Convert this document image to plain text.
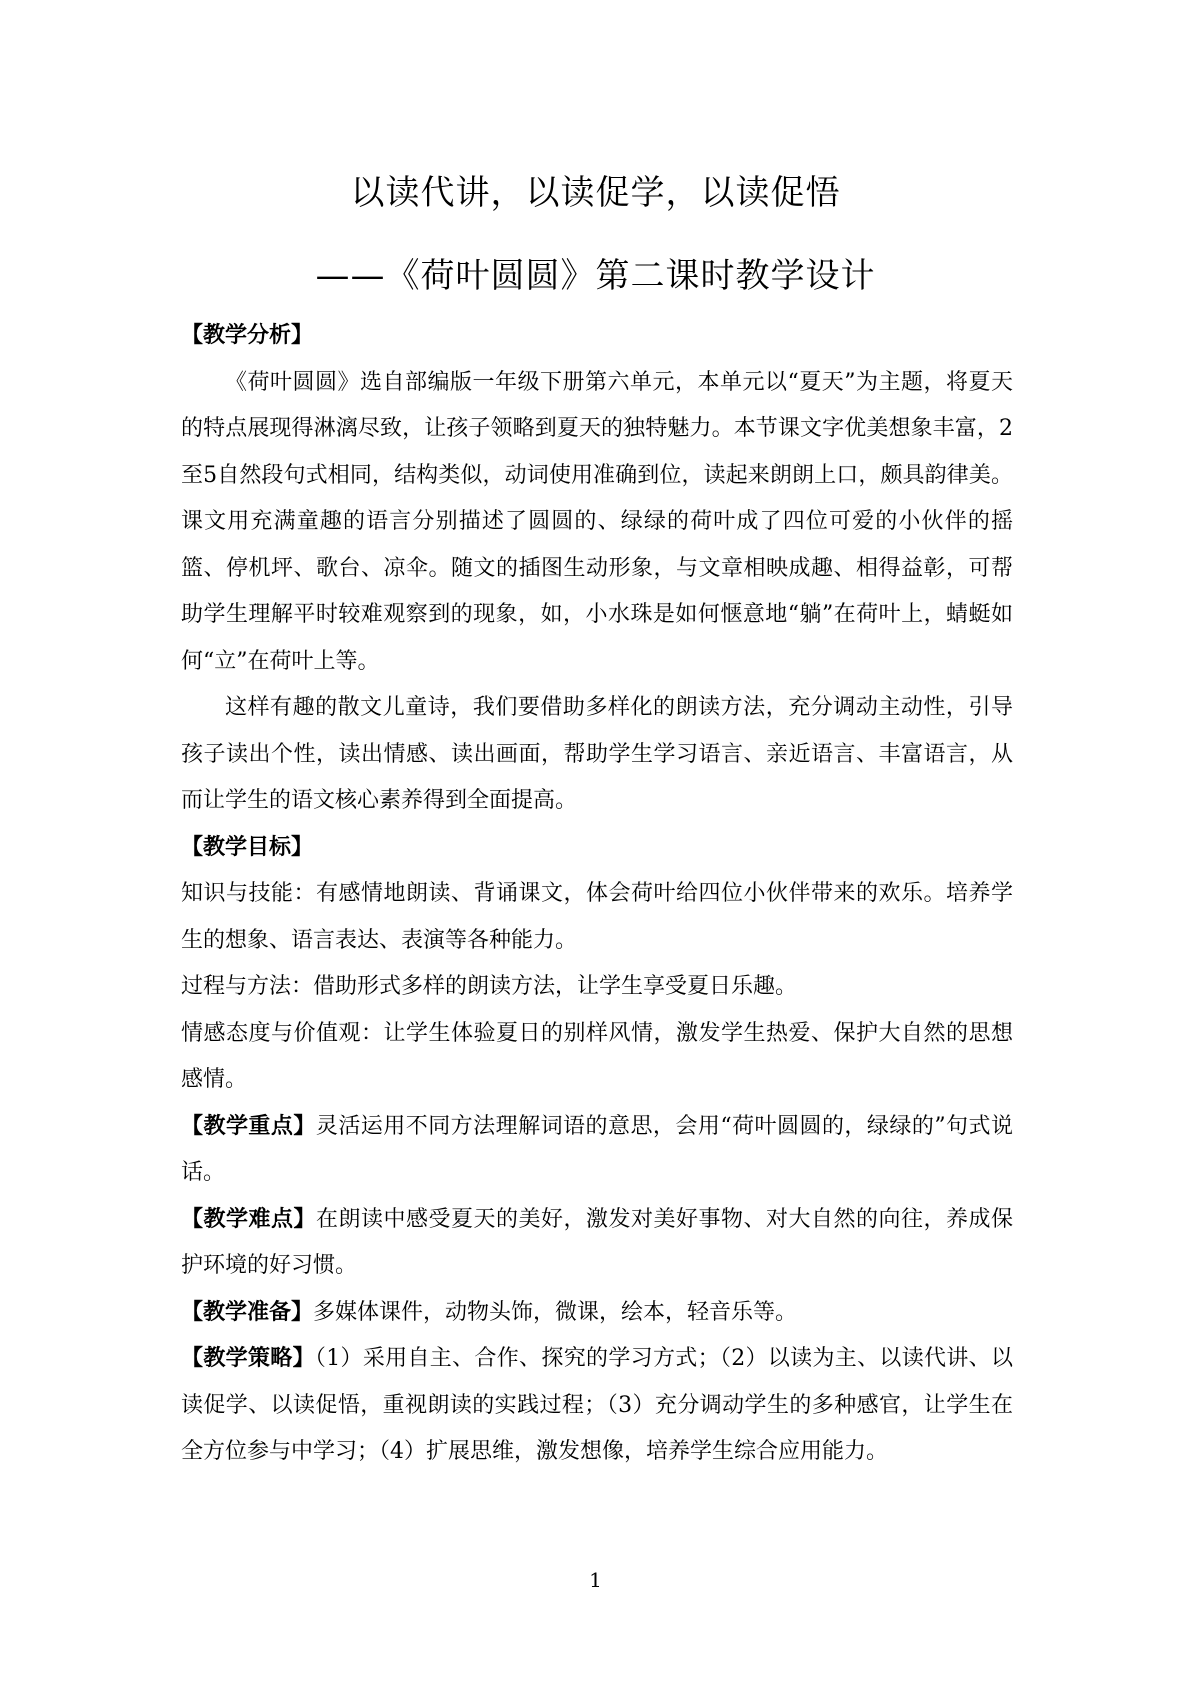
以读代讲，以读促学，以读促悟
——《荷叶圆圆》第二课时教学设计

【教学分析】

《荷叶圆圆》选自部编版一年级下册第六单元，本单元以“夏天”为主题，将夏天的特点展现得淋漓尽致，让孩子领略到夏天的独特魅力。本节课文字优美想象丰富，2至5自然段句式相同，结构类似，动词使用准确到位，读起来朗朗上口，颇具韵律美。课文用充满童趣的语言分别描述了圆圆的、绿绿的荷叶成了四位可爱的小伙伴的摇篮、停机坪、歌台、凉伞。随文的插图生动形象，与文章相映成趣、相得益彰，可帮助学生理解平时较难观察到的现象，如，小水珠是如何惬意地“躺”在荷叶上，蜻蜓如何“立”在荷叶上等。

这样有趣的散文儿童诗，我们要借助多样化的朗读方法，充分调动主动性，引导孩子读出个性，读出情感、读出画面，帮助学生学习语言、亲近语言、丰富语言，从而让学生的语文核心素养得到全面提高。

【教学目标】

知识与技能：有感情地朗读、背诵课文，体会荷叶给四位小伙伴带来的欢乐。培养学生的想象、语言表达、表演等各种能力。

过程与方法：借助形式多样的朗读方法，让学生享受夏日乐趣。

情感态度与价值观：让学生体验夏日的别样风情，激发学生热爱、保护大自然的思想感情。

【教学重点】灵活运用不同方法理解词语的意思，会用“荷叶圆圆的，绿绿的”句式说话。

【教学难点】在朗读中感受夏天的美好，激发对美好事物、对大自然的向往，养成保护环境的好习惯。

【教学准备】多媒体课件，动物头饰，微课，绘本，轻音乐等。

【教学策略】（1）采用自主、合作、探究的学习方式；（2）以读为主、以读代讲、以读促学、以读促悟，重视朗读的实践过程；（3）充分调动学生的多种感官，让学生在全方位参与中学习；（4）扩展思维，激发想像，培养学生综合应用能力。

1
